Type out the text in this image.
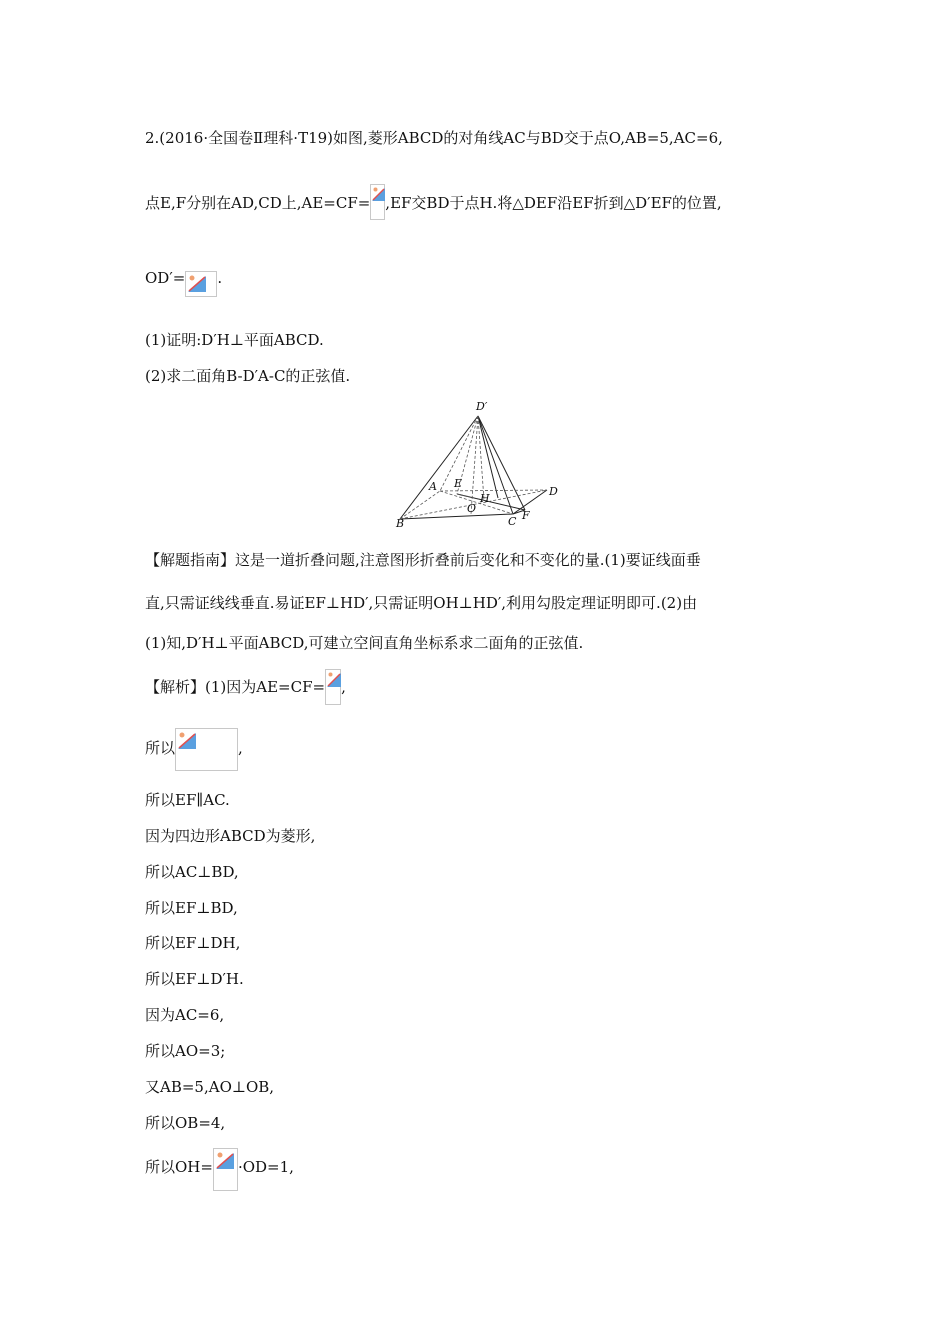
2.(2016·全国卷Ⅱ理科·T19)如图,菱形ABCD的对角线AC与BD交于点O,AB=5,AC=6,
点E,F分别在AD,CD上,AE=CF= ,EF交BD于点H.将△DEF沿EF折到△D′EF的位置,
OD′= .
(1)证明:D′H⊥平面ABCD.
(2)求二面角B-D′A-C的正弦值.
D′
A E
H
D
B
O
C F
【解题指南】这是一道折叠问题,注意图形折叠前后变化和不变化的量.(1)要证线面垂
直,只需证线线垂直.易证EF⊥HD′,只需证明OH⊥HD′,利用勾股定理证明即可.(2)由
(1)知,D′H⊥平面ABCD,可建立空间直角坐标系求二面角的正弦值.
【解析】(1)因为AE=CF= ,
所以	,
所以EF∥AC.
因为四边形ABCD为菱形,
所以AC⊥BD,
所以EF⊥BD,
所以EF⊥DH,
所以EF⊥D′H.
因为AC=6,
所以AO=3;
又AB=5,AO⊥OB,
所以OB=4,
所以OH= ·OD=1,
